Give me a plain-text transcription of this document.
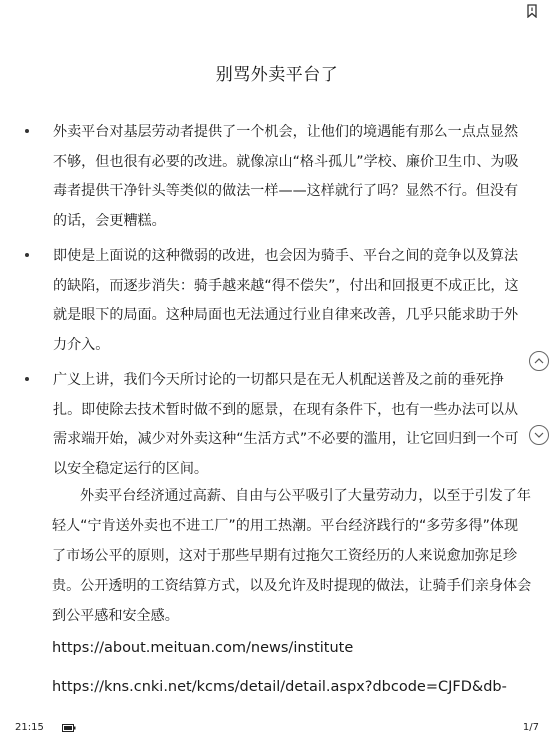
别骂外卖平台了
外卖平台对基层劳动者提供了一个机会，让他们的境遇能有那么一点点显然不够，但也很有必要的改进。就像凉山“格斗孤儿”学校、廉价卫生巾、为吸毒者提供干净针头等类似的做法一样——这样就行了吗？显然不行。但没有的话，会更糟糕。
即使是上面说的这种微弱的改进，也会因为骑手、平台之间的竞争以及算法的缺陷，而逐步消失：骑手越来越“得不偿失”，付出和回报更不成正比，这就是眼下的局面。这种局面也无法通过行业自律来改善，几乎只能求助于外力介入。
广义上讲，我们今天所讨论的一切都只是在无人机配送普及之前的垂死挣扎。即使除去技术暂时做不到的愿景，在现有条件下，也有一些办法可以从需求端开始，减少对外卖这种“生活方式”不必要的滥用，让它回归到一个可以安全稳定运行的区间。

外卖平台经济通过高薪、自由与公平吸引了大量劳动力，以至于引发了年轻人“宁肯送外卖也不进工厂”的用工热潮。平台经济践行的“多劳多得”体现了市场公平的原则，这对于那些早期有过拖欠工资经历的人来说愈加弥足珍贵。公开透明的工资结算方式，以及允许及时提现的做法，让骑手们亲身体会到公平感和安全感。

https://about.meituan.com/news/institute
https://kns.cnki.net/kcms/detail/detail.aspx?dbcode=CJFD&db-
21:15	1/7
